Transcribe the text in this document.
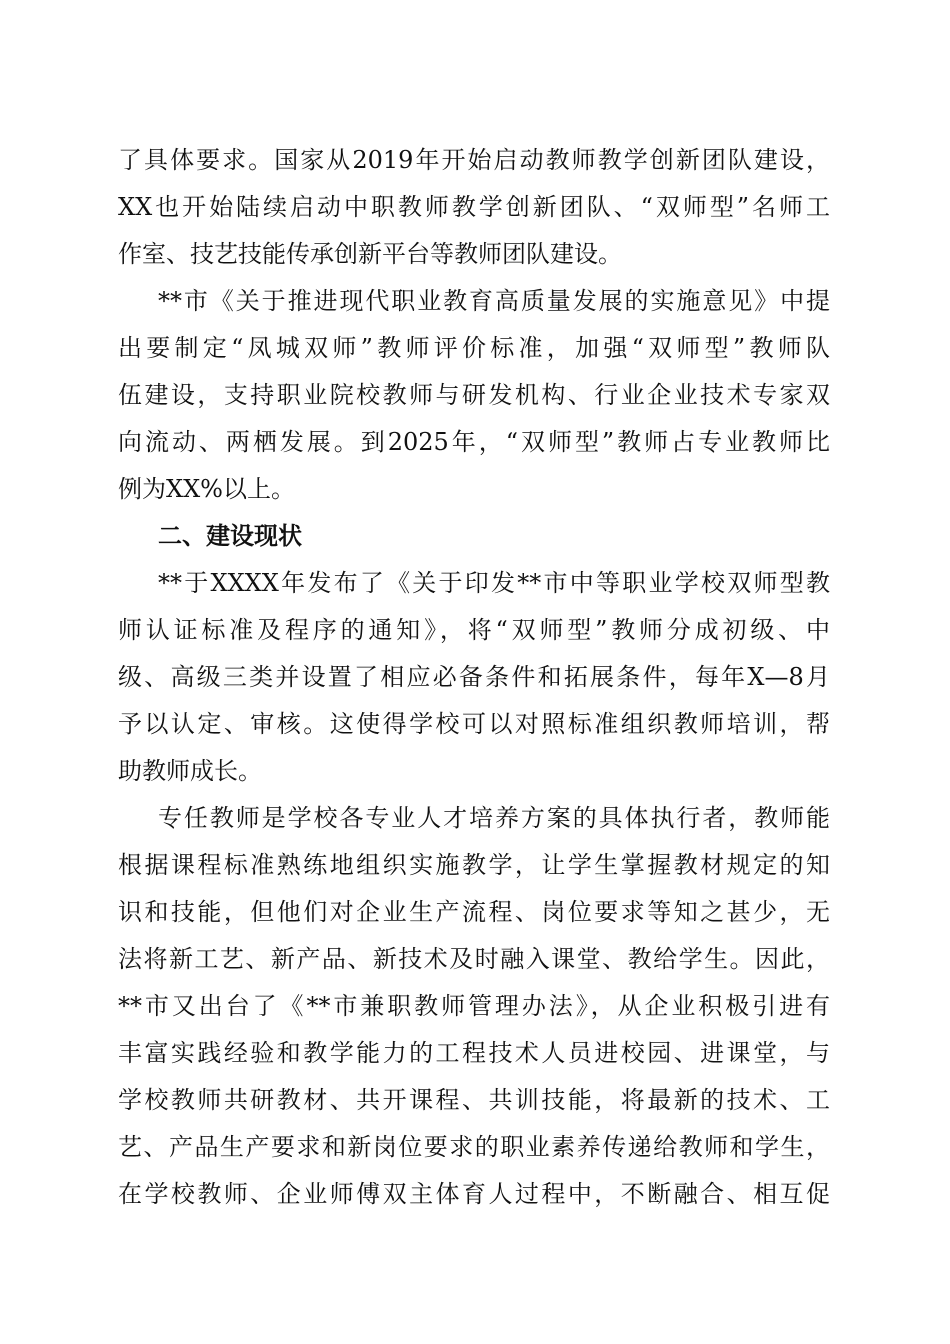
了具体要求。国家从2019年开始启动教师教学创新团队建设，
XX也开始陆续启动中职教师教学创新团队、“双师型”名师工
作室、技艺技能传承创新平台等教师团队建设。
**市《关于推进现代职业教育高质量发展的实施意见》中提
出要制定“凤城双师”教师评价标准，加强“双师型”教师队
伍建设，支持职业院校教师与研发机构、行业企业技术专家双
向流动、两栖发展。到2025年，“双师型”教师占专业教师比
例为XX%以上。
二、建设现状
**于XXXX年发布了《关于印发**市中等职业学校双师型教
师认证标准及程序的通知》，将“双师型”教师分成初级、中
级、高级三类并设置了相应必备条件和拓展条件，每年X—8月
予以认定、审核。这使得学校可以对照标准组织教师培训，帮
助教师成长。
专任教师是学校各专业人才培养方案的具体执行者，教师能
根据课程标准熟练地组织实施教学，让学生掌握教材规定的知
识和技能，但他们对企业生产流程、岗位要求等知之甚少，无
法将新工艺、新产品、新技术及时融入课堂、教给学生。因此，
**市又出台了《**市兼职教师管理办法》，从企业积极引进有
丰富实践经验和教学能力的工程技术人员进校园、进课堂，与
学校教师共研教材、共开课程、共训技能，将最新的技术、工
艺、产品生产要求和新岗位要求的职业素养传递给教师和学生，
在学校教师、企业师傅双主体育人过程中，不断融合、相互促
